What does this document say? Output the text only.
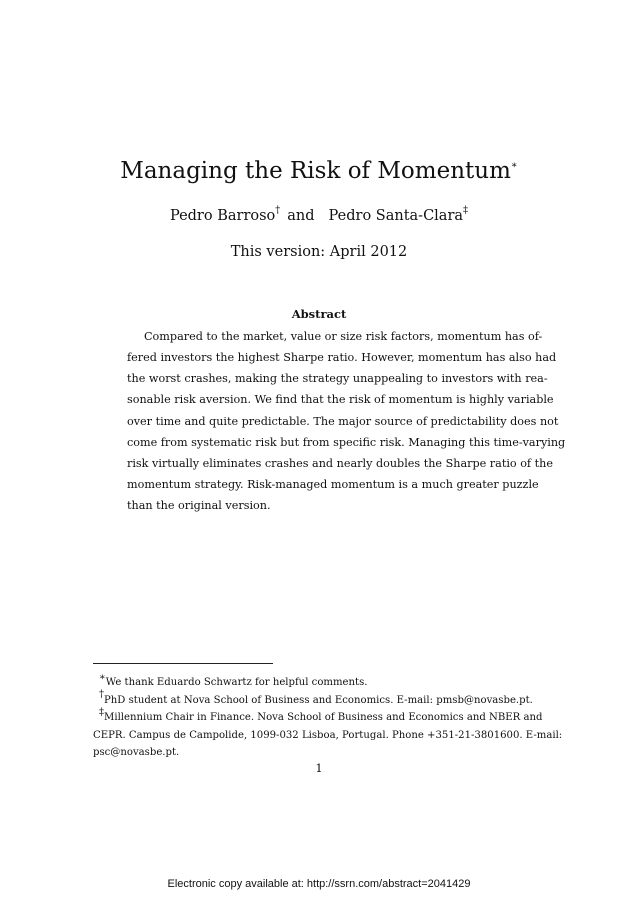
Managing the Risk of Momentum∗
Pedro Barroso† and Pedro Santa-Clara‡
This version: April 2012
Abstract
Compared to the market, value or size risk factors, momentum has of-
fered investors the highest Sharpe ratio. However, momentum has also had
the worst crashes, making the strategy unappealing to investors with rea-
sonable risk aversion. We find that the risk of momentum is highly variable
over time and quite predictable. The major source of predictability does not
come from systematic risk but from specific risk. Managing this time-varying
risk virtually eliminates crashes and nearly doubles the Sharpe ratio of the
momentum strategy. Risk-managed momentum is a much greater puzzle
than the original version.
∗We thank Eduardo Schwartz for helpful comments.
†PhD student at Nova School of Business and Economics. E-mail: pmsb@novasbe.pt.
‡Millennium Chair in Finance. Nova School of Business and Economics and NBER and
CEPR. Campus de Campolide, 1099-032 Lisboa, Portugal. Phone +351-21-3801600. E-mail:
psc@novasbe.pt.
1
Electronic copy available at: http://ssrn.com/abstract=2041429
